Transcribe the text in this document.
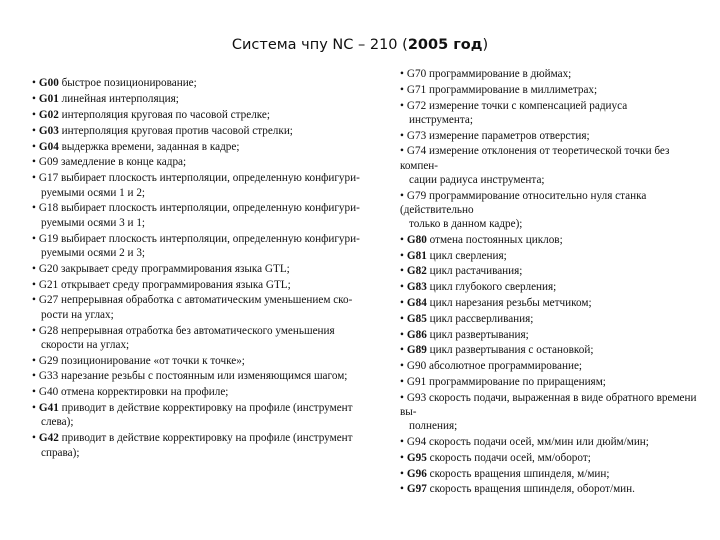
Система чпу NC – 210 (2005 год)
• G00 быстрое позиционирование;
• G01 линейная интерполяция;
• G02 интерполяция круговая по часовой стрелке;
• G03 интерполяция круговая против часовой стрелки;
• G04 выдержка времени, заданная в кадре;
• G09 замедление в конце кадра;
• G17 выбирает плоскость интерполяции, определенную конфигури-
руемыми осями 1 и 2;
• G18 выбирает плоскость интерполяции, определенную конфигури-
руемыми осями 3 и 1;
• G19 выбирает плоскость интерполяции, определенную конфигури-
руемыми осями 2 и 3;
• G20 закрывает среду программирования языка GTL;
• G21 открывает среду программирования языка GTL;
• G27 непрерывная обработка с автоматическим уменьшением ско-
рости на углах;
• G28 непрерывная отработка без автоматического уменьшения
скорости на углах;
• G29 позиционирование «от точки к точке»;
• G33 нарезание резьбы с постоянным или изменяющимся шагом;
• G40 отмена корректировки на профиле;
• G41 приводит в действие корректировку на профиле (инструмент
слева);
• G42 приводит в действие корректировку на профиле (инструмент
справа);
• G70 программирование в дюймах;
• G71 программирование в миллиметрах;
• G72 измерение точки с компенсацией радиуса
инструмента;
• G73 измерение параметров отверстия;
• G74 измерение отклонения от теоретической точки без компен-
сации радиуса инструмента;
• G79 программирование относительно нуля станка (действительно
только в данном кадре);
• G80 отмена постоянных циклов;
• G81 цикл сверления;
• G82 цикл растачивания;
• G83 цикл глубокого сверления;
• G84 цикл нарезания резьбы метчиком;
• G85 цикл рассверливания;
• G86 цикл развертывания;
• G89 цикл развертывания с остановкой;
• G90 абсолютное программирование;
• G91 программирование по приращениям;
• G93 скорость подачи, выраженная в виде обратного времени вы-
полнения;
• G94 скорость подачи осей, мм/мин или дюйм/мин;
• G95 скорость подачи осей, мм/оборот;
• G96 скорость вращения шпинделя, м/мин;
• G97 скорость вращения шпинделя, оборот/мин.
